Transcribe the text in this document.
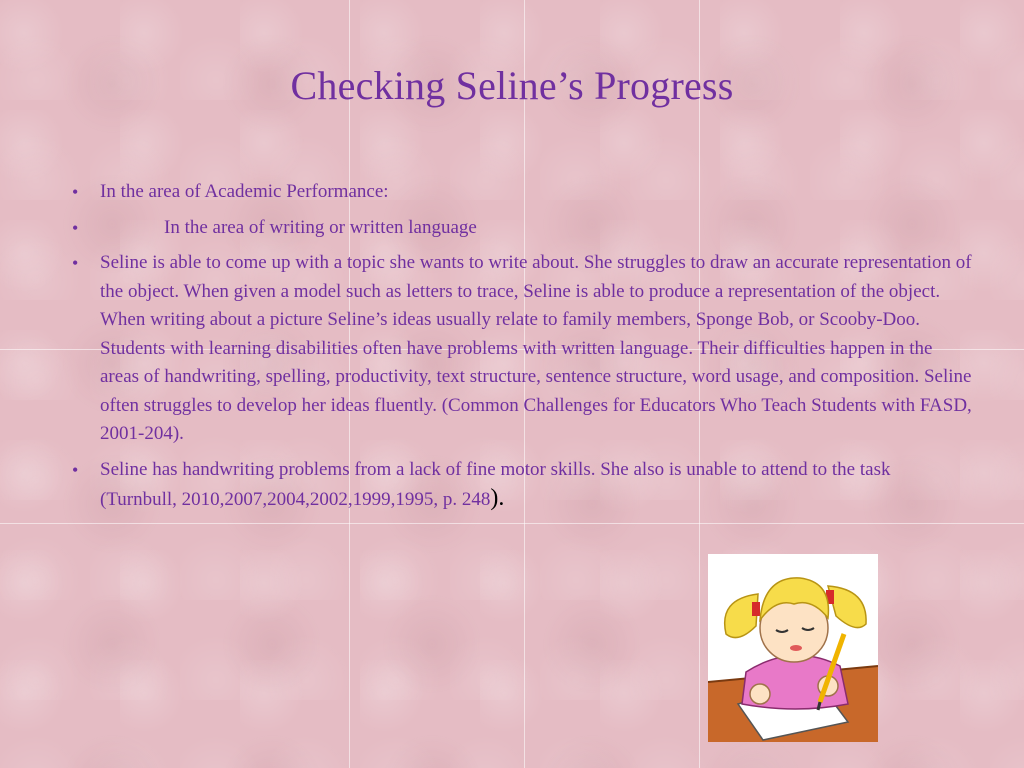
Checking Seline’s Progress
• In the area of Academic Performance:
•	In the area of writing or written language
• Seline is able to come up with a topic she wants to write about. She struggles to draw an accurate representation of the object. When given a model such as letters to trace, Seline is able to produce a representation of the object. When writing about a picture Seline’s ideas usually relate to family members, Sponge Bob, or Scooby-Doo. Students with learning disabilities often have problems with written language. Their difficulties happen in the areas of handwriting, spelling, productivity, text structure, sentence structure, word usage, and composition. Seline often struggles to develop her ideas fluently. (Common Challenges for Educators Who Teach Students with FASD, 2001-204).
• Seline has handwriting problems from a lack of fine motor skills. She also is unable to attend to the task (Turnbull, 2010,2007,2004,2002,1999,1995, p. 248).
